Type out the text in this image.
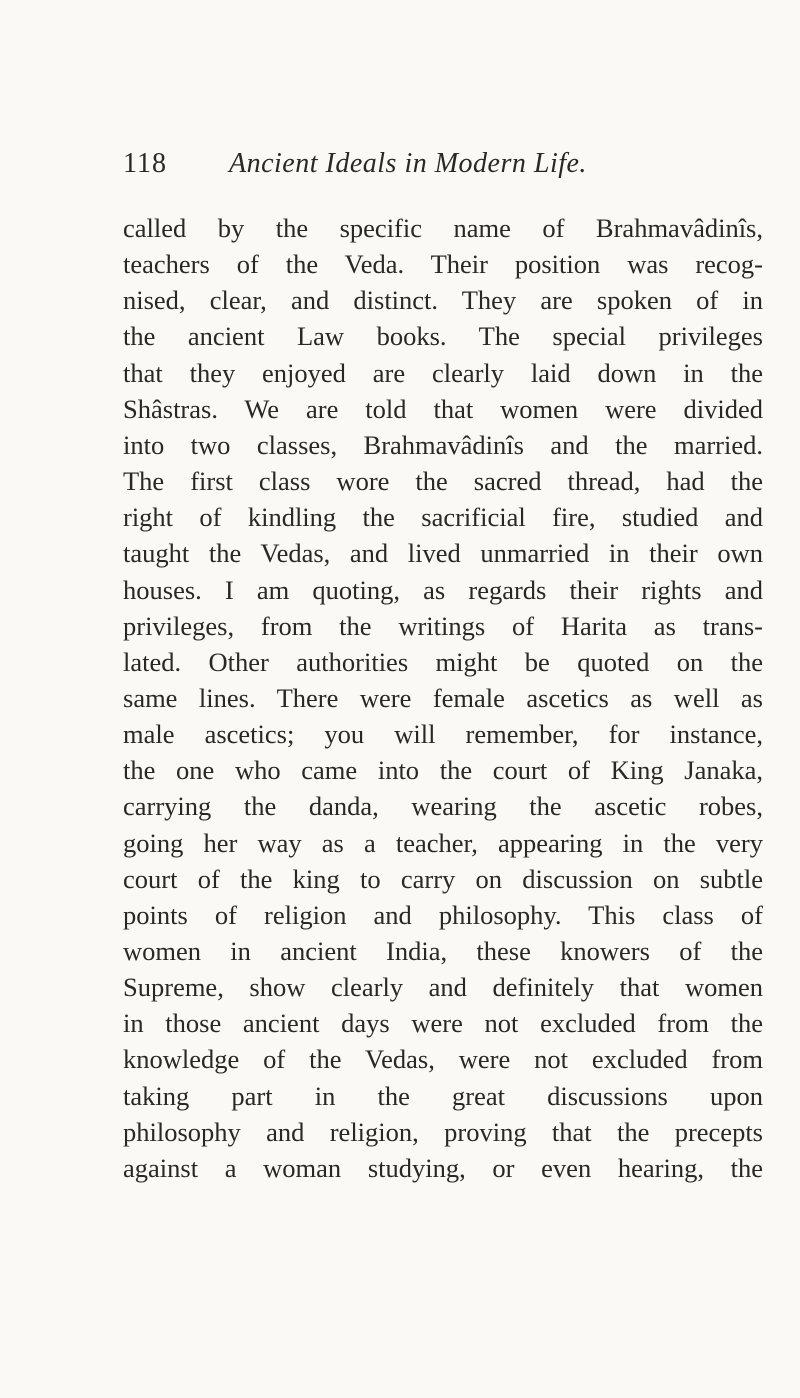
118 Ancient Ideals in Modern Life.
called by the specific name of Brahmavâdinîs,
teachers of the Veda. Their position was recog-
nised, clear, and distinct. They are spoken of in
the ancient Law books. The special privileges
that they enjoyed are clearly laid down in the
Shâstras. We are told that women were divided
into two classes, Brahmavâdinîs and the married.
The first class wore the sacred thread, had the
right of kindling the sacrificial fire, studied and
taught the Vedas, and lived unmarried in their own
houses. I am quoting, as regards their rights and
privileges, from the writings of Harita as trans-
lated. Other authorities might be quoted on the
same lines. There were female ascetics as well as
male ascetics; you will remember, for instance,
the one who came into the court of King Janaka,
carrying the danda, wearing the ascetic robes,
going her way as a teacher, appearing in the very
court of the king to carry on discussion on subtle
points of religion and philosophy. This class of
women in ancient India, these knowers of the
Supreme, show clearly and definitely that women
in those ancient days were not excluded from the
knowledge of the Vedas, were not excluded from
taking part in the great discussions upon
philosophy and religion, proving that the precepts
against a woman studying, or even hearing, the
